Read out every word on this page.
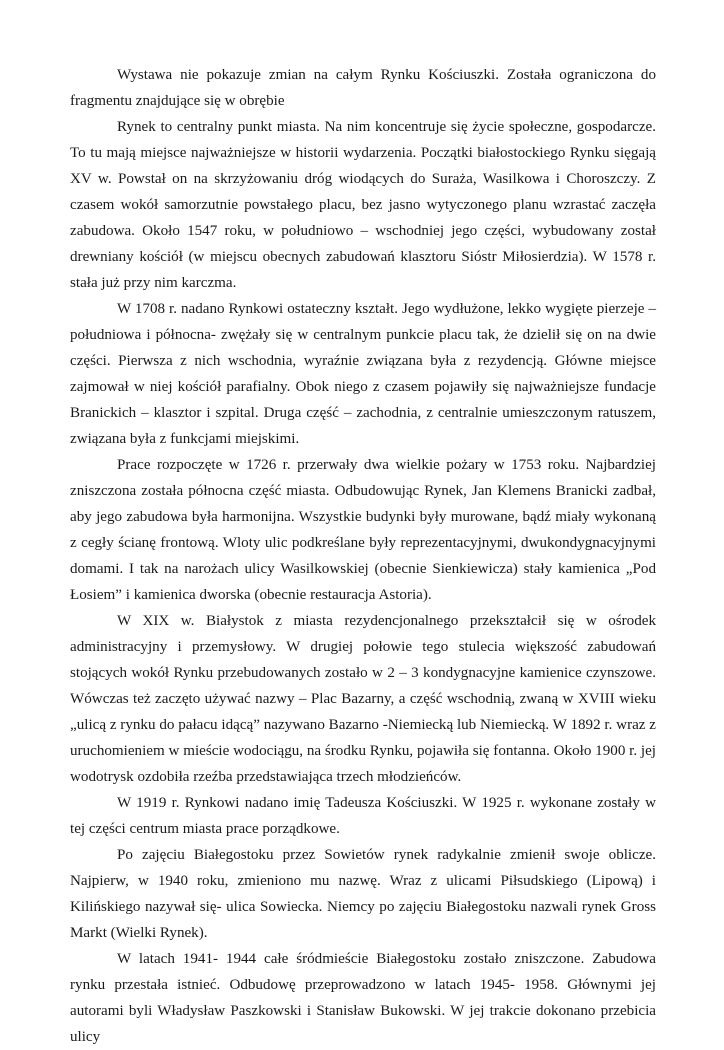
Wystawa nie pokazuje zmian na całym Rynku Kościuszki. Została ograniczona do fragmentu znajdujące się w obrębie

Rynek to centralny punkt miasta. Na nim koncentruje się życie społeczne, gospodarcze. To tu mają miejsce najważniejsze w historii wydarzenia. Początki białostockiego Rynku sięgają XV w. Powstał on na skrzyżowaniu dróg wiodących do Suraża, Wasilkowa i Choroszczy. Z czasem wokół samorzutnie powstałego placu, bez jasno wytyczonego planu wzrastać zaczęła zabudowa. Około 1547 roku, w południowo – wschodniej jego części, wybudowany został drewniany kościół (w miejscu obecnych zabudowań klasztoru Sióstr Miłosierdzia). W 1578 r. stała już przy nim karczma.

W 1708 r. nadano Rynkowi ostateczny kształt. Jego wydłużone, lekko wygięte pierzeje – południowa i północna- zwężały się w centralnym punkcie placu tak, że dzielił się on na dwie części. Pierwsza z nich wschodnia, wyraźnie związana była z rezydencją. Główne miejsce zajmował w niej kościół parafialny. Obok niego z czasem pojawiły się najważniejsze fundacje Branickich – klasztor i szpital. Druga część – zachodnia, z centralnie umieszczonym ratuszem, związana była z funkcjami miejskimi.

Prace rozpoczęte w 1726 r. przerwały dwa wielkie pożary w 1753 roku. Najbardziej zniszczona została północna część miasta. Odbudowując Rynek, Jan Klemens Branicki zadbał, aby jego zabudowa była harmonijna. Wszystkie budynki były murowane, bądź miały wykonaną z cegły ścianę frontową. Wloty ulic podkreślane były reprezentacyjnymi, dwukondygnacyjnymi domami. I tak na narożach ulicy Wasilkowskiej (obecnie Sienkiewicza) stały kamienica „Pod Łosiem” i kamienica dworska (obecnie restauracja Astoria).

W XIX w. Białystok z miasta rezydencjonalnego przekształcił się w ośrodek administracyjny i przemysłowy. W drugiej połowie tego stulecia większość zabudowań stojących wokół Rynku przebudowanych zostało w 2 – 3 kondygnacyjne kamienice czynszowe. Wówczas też zaczęto używać nazwy – Plac Bazarny, a część wschodnią, zwaną w XVIII wieku „ulicą z rynku do pałacu idącą” nazywano Bazarno -Niemiecką lub Niemiecką. W 1892 r. wraz z uruchomieniem w mieście wodociągu, na środku Rynku, pojawiła się fontanna. Około 1900 r. jej wodotrysk ozdobiła rzeźba przedstawiająca trzech młodzieńców.

W 1919 r. Rynkowi nadano imię Tadeusza Kościuszki. W 1925 r. wykonane zostały w tej części centrum miasta prace porządkowe.

Po zajęciu Białegostoku przez Sowietów rynek radykalnie zmienił swoje oblicze. Najpierw, w 1940 roku, zmieniono mu nazwę. Wraz z ulicami Piłsudskiego (Lipową) i Kilińskiego nazywał się- ulica Sowiecka. Niemcy po zajęciu Białegostoku nazwali rynek Gross Markt (Wielki Rynek).

W latach 1941- 1944 całe śródmieście Białegostoku zostało zniszczone. Zabudowa rynku przestała istnieć. Odbudowę przeprowadzono w latach 1945- 1958. Głównymi jej autorami byli Władysław Paszkowski i Stanisław Bukowski. W jej trakcie dokonano przebicia ulicy
